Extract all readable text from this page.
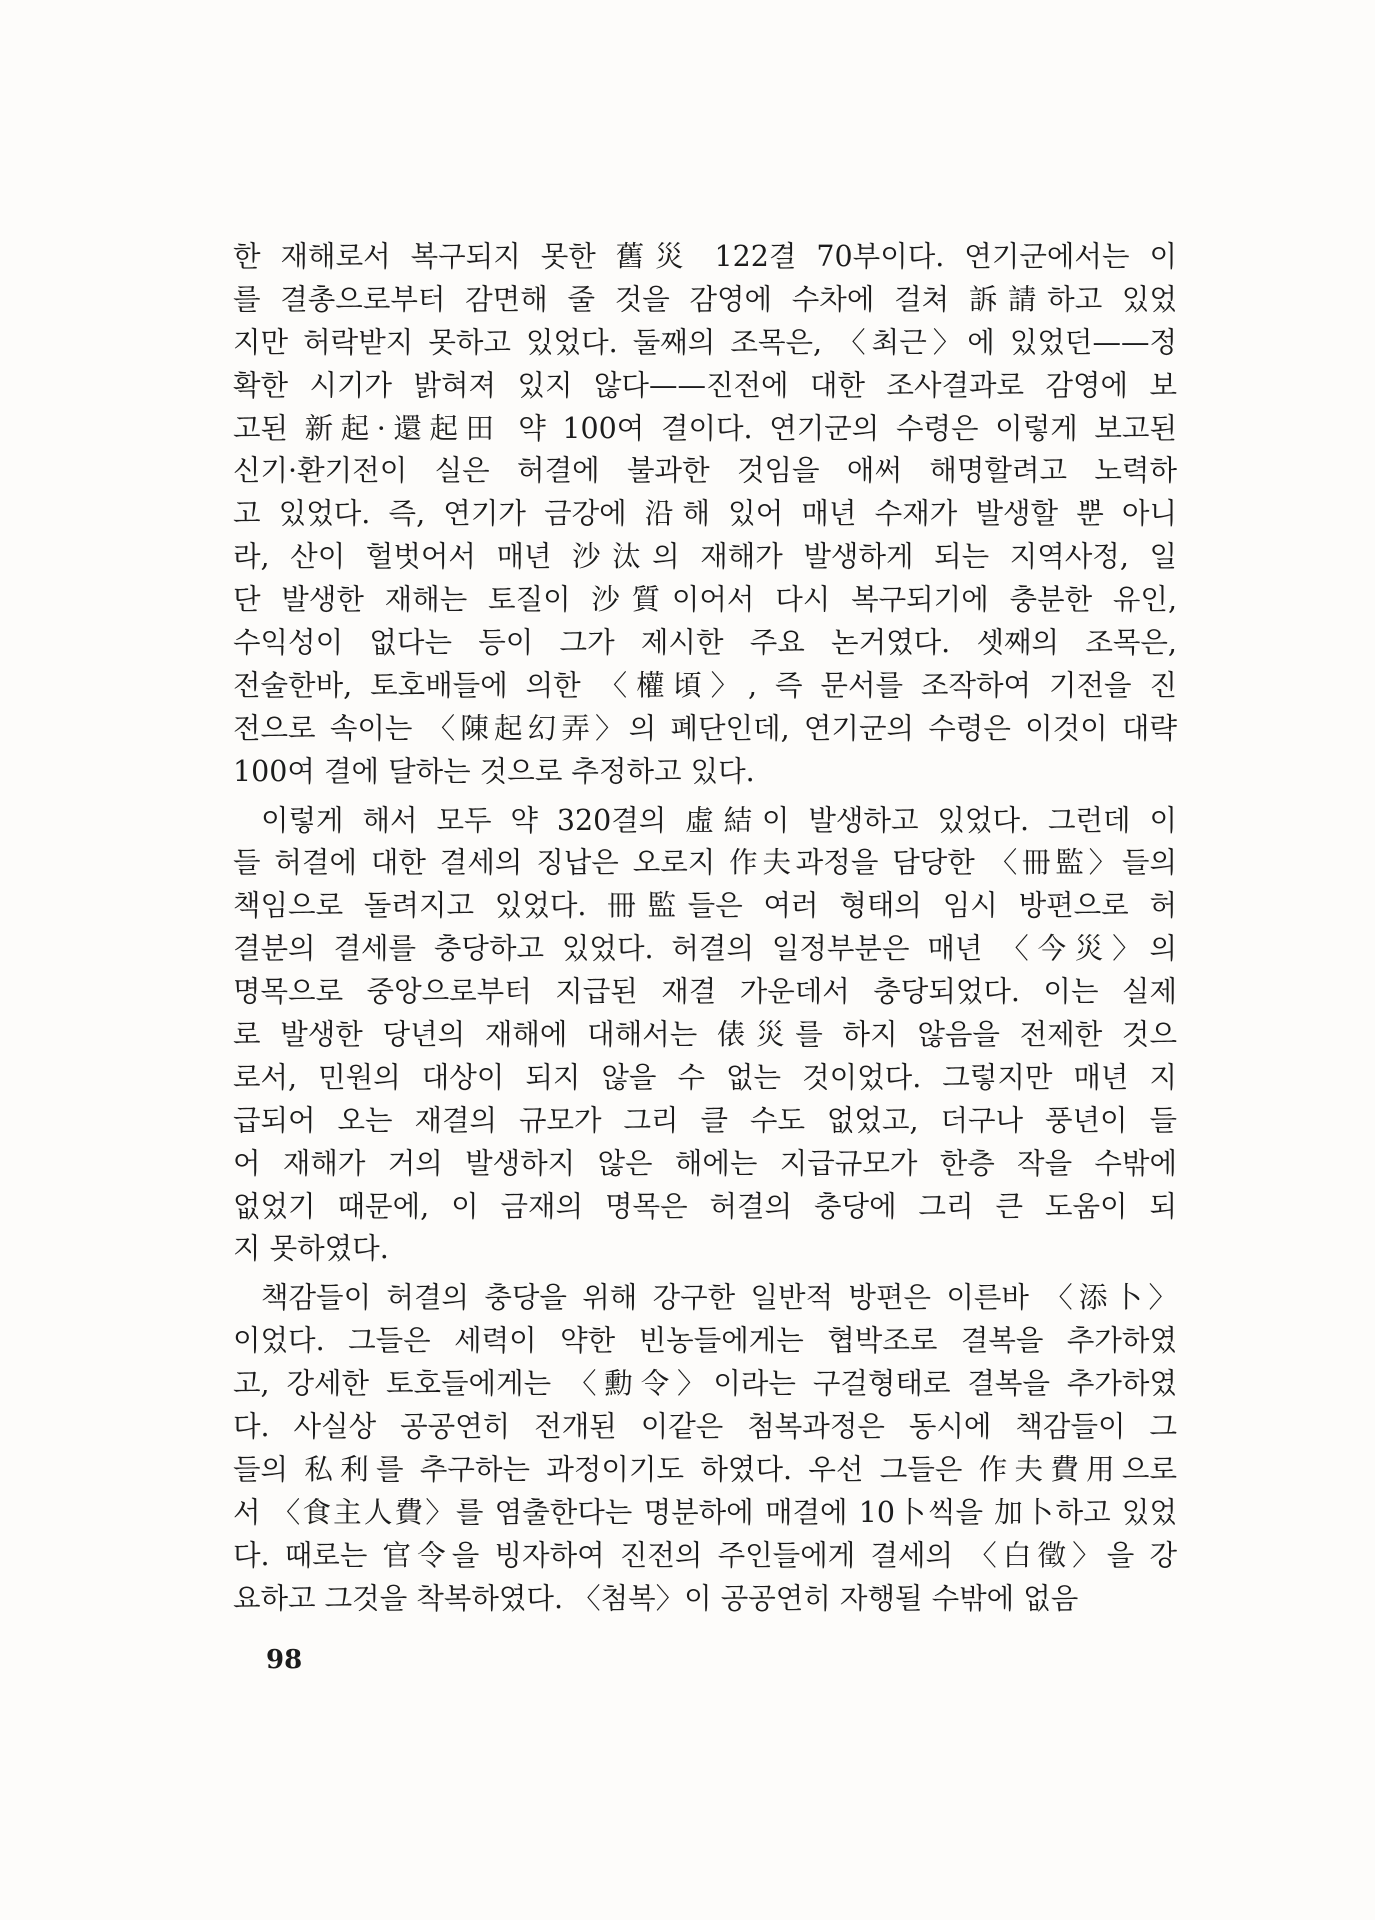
한 재해로서 복구되지 못한 舊災 122결 70부이다. 연기군에서는 이
를 결총으로부터 감면해 줄 것을 감영에 수차에 걸쳐 訴請하고 있었
지만 허락받지 못하고 있었다. 둘째의 조목은, 〈최근〉에 있었던——정
확한 시기가 밝혀져 있지 않다——진전에 대한 조사결과로 감영에 보
고된 新起·還起田 약 100여 결이다. 연기군의 수령은 이렇게 보고된
신기·환기전이 실은 허결에 불과한 것임을 애써 해명할려고 노력하
고 있었다. 즉, 연기가 금강에 沿해 있어 매년 수재가 발생할 뿐 아니
라, 산이 헐벗어서 매년 沙汰의 재해가 발생하게 되는 지역사정, 일
단 발생한 재해는 토질이 沙質이어서 다시 복구되기에 충분한 유인,
수익성이 없다는 등이 그가 제시한 주요 논거였다. 셋째의 조목은,
전술한바, 토호배들에 의한 〈權頃〉, 즉 문서를 조작하여 기전을 진
전으로 속이는 〈陳起幻弄〉의 폐단인데, 연기군의 수령은 이것이 대략
100여 결에 달하는 것으로 추정하고 있다.
이렇게 해서 모두 약 320결의 虛結이 발생하고 있었다. 그런데 이
들 허결에 대한 결세의 징납은 오로지 作夫과정을 담당한 〈冊監〉들의
책임으로 돌려지고 있었다. 冊監들은 여러 형태의 임시 방편으로 허
결분의 결세를 충당하고 있었다. 허결의 일정부분은 매년 〈今災〉의
명목으로 중앙으로부터 지급된 재결 가운데서 충당되었다. 이는 실제
로 발생한 당년의 재해에 대해서는 俵災를 하지 않음을 전제한 것으
로서, 민원의 대상이 되지 않을 수 없는 것이었다. 그렇지만 매년 지
급되어 오는 재결의 규모가 그리 클 수도 없었고, 더구나 풍년이 들
어 재해가 거의 발생하지 않은 해에는 지급규모가 한층 작을 수밖에
없었기 때문에, 이 금재의 명목은 허결의 충당에 그리 큰 도움이 되
지 못하였다.
책감들이 허결의 충당을 위해 강구한 일반적 방편은 이른바 〈添卜〉
이었다. 그들은 세력이 약한 빈농들에게는 협박조로 결복을 추가하였
고, 강세한 토호들에게는 〈勳令〉이라는 구걸형태로 결복을 추가하였
다. 사실상 공공연히 전개된 이같은 첨복과정은 동시에 책감들이 그
들의 私利를 추구하는 과정이기도 하였다. 우선 그들은 作夫費用으로
서 〈食主人費〉를 염출한다는 명분하에 매결에 10卜씩을 加卜하고 있었
다. 때로는 官令을 빙자하여 진전의 주인들에게 결세의 〈白徵〉을 강
요하고 그것을 착복하였다. 〈첨복〉이 공공연히 자행될 수밖에 없음
98
